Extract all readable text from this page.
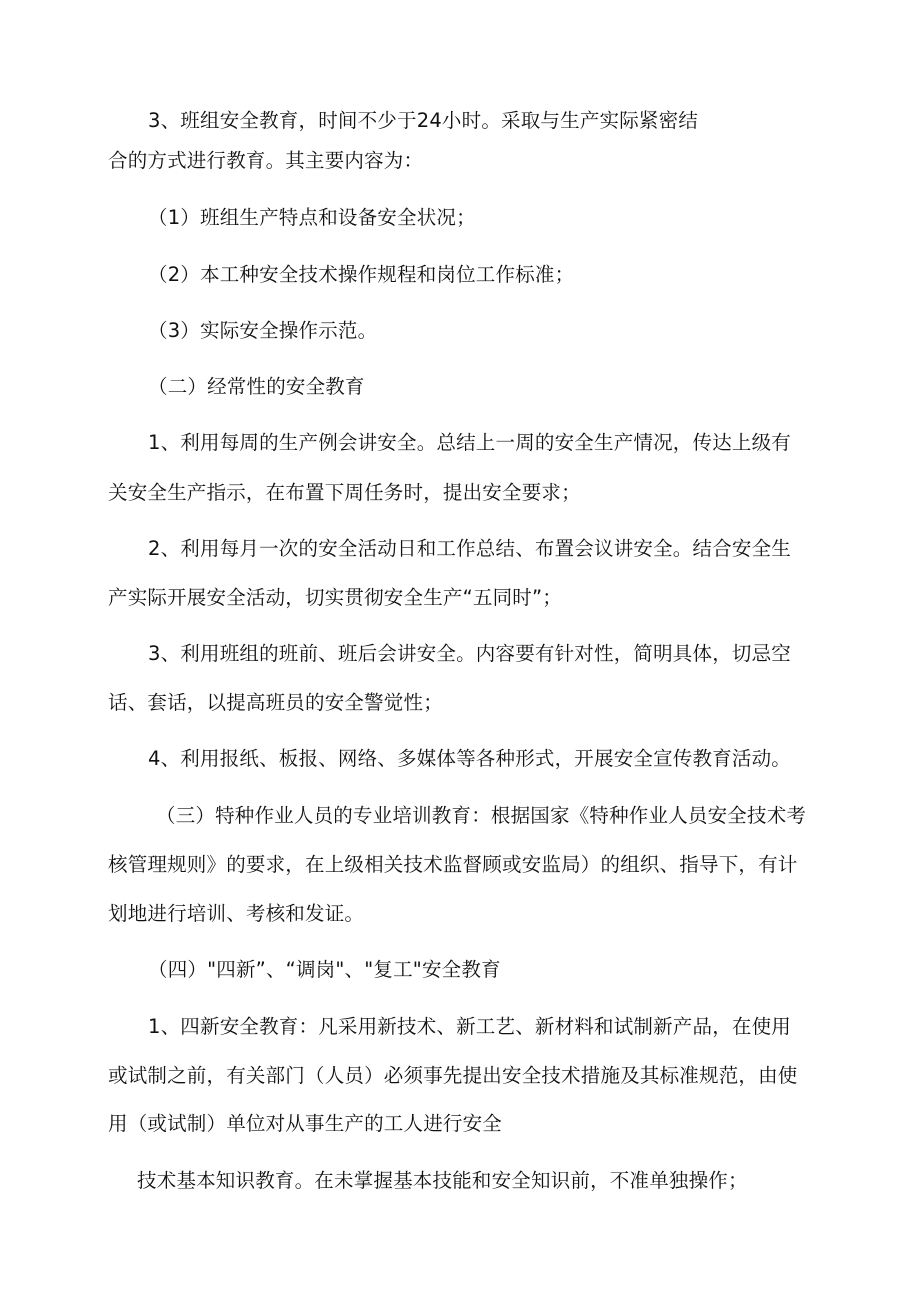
3、班组安全教育，时间不少于24小时。采取与生产实际紧密结
合的方式进行教育。其主要内容为：
（1）班组生产特点和设备安全状况；
（2）本工种安全技术操作规程和岗位工作标准；
（3）实际安全操作示范。
（二）经常性的安全教育
1、利用每周的生产例会讲安全。总结上一周的安全生产情况，传达上级有
关安全生产指示，在布置下周任务时，提出安全要求；
2、利用每月一次的安全活动日和工作总结、布置会议讲安全。结合安全生
产实际开展安全活动，切实贯彻安全生产“五同时”；
3、利用班组的班前、班后会讲安全。内容要有针对性，简明具体，切忌空
话、套话，以提高班员的安全警觉性；
4、利用报纸、板报、网络、多媒体等各种形式，开展安全宣传教育活动。
（三）特种作业人员的专业培训教育：根据国家《特种作业人员安全技术考
核管理规则》的要求，在上级相关技术监督顾或安监局）的组织、指导下，有计
划地进行培训、考核和发证。
（四）"四新”、“调岗"、"复工"安全教育
1、四新安全教育：凡采用新技术、新工艺、新材料和试制新产品，在使用
或试制之前，有关部门（人员）必须事先提出安全技术措施及其标准规范，由使
用（或试制）单位对从事生产的工人进行安全
技术基本知识教育。在未掌握基本技能和安全知识前，不准单独操作；
